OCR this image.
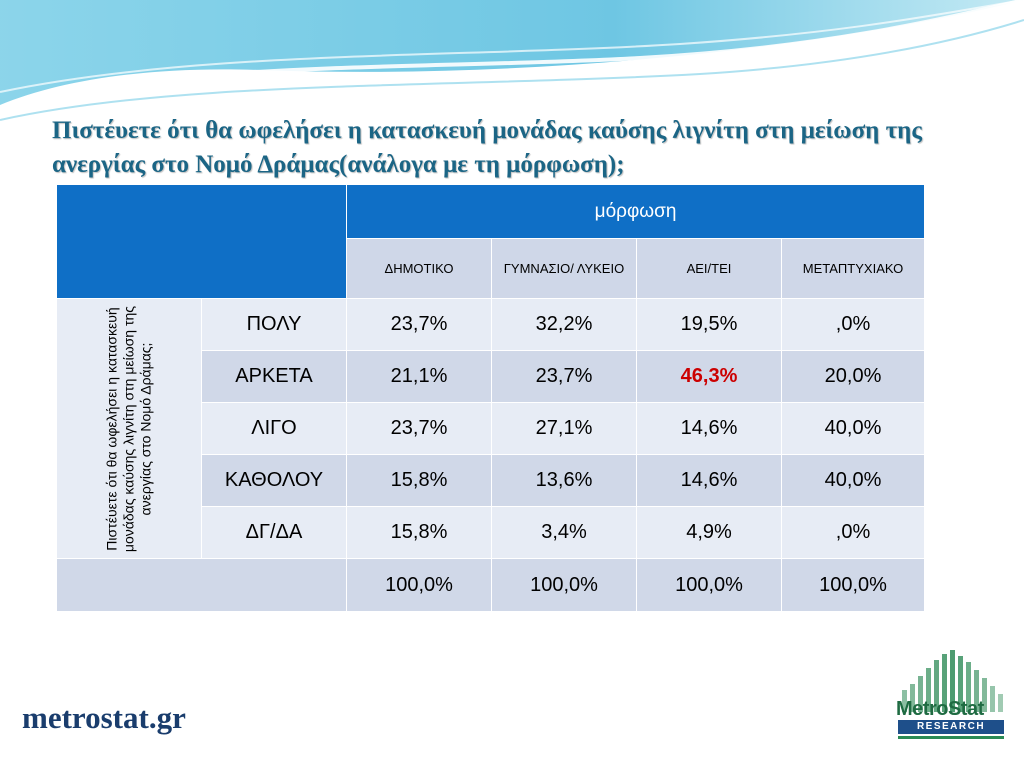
Πιστέυετε ότι θα ωφελήσει η κατασκευή μονάδας καύσης λιγνίτη στη μείωση της ανεργίας στο Νομό Δράμας(ανάλογα με τη μόρφωση);
		μόρφωση			
		ΔΗΜΟΤΙΚΟ	ΓΥΜΝΑΣΙΟ/ ΛΥΚΕΙΟ	ΑΕΙ/ΤΕΙ	ΜΕΤΑΠΤΥΧΙΑΚΟ

Πιστέυετε ότι θα ωφελήσει η κατασκευή μονάδας καύσης λιγνίτη στη μείωση της ανεργίας στο Νομό Δράμας;	ΠΟΛΥ	23,7%	32,2%	19,5%	,0%
	ΑΡΚΕΤΑ	21,1%	23,7%	46,3%	20,0%
	ΛΙΓΟ	23,7%	27,1%	14,6%	40,0%
	ΚΑΘΟΛΟΥ	15,8%	13,6%	14,6%	40,0%
	ΔΓ/ΔΑ	15,8%	3,4%	4,9%	,0%
		100,0%	100,0%	100,0%	100,0%
metrostat.gr	MetroStat
RESEARCH
